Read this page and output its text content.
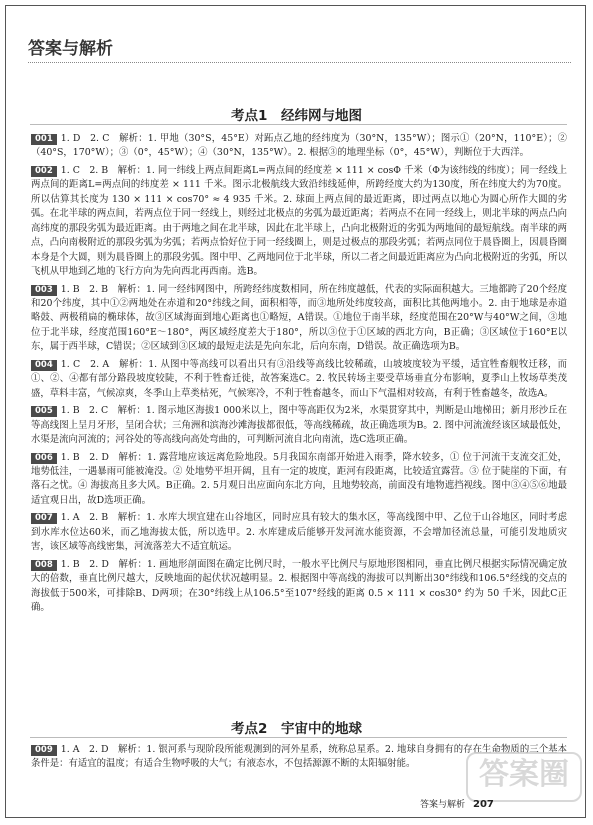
答案与解析
考点1　经纬网与地图

001 1. D　2. C　解析：1. 甲地（30°S，45°E）对跖点乙地的经纬度为（30°N，135°W）；图示①（20°N，110°E）；②（40°S，170°W）；③（0°，45°W）；④（30°N，135°W）。2. 根据③的地理坐标（0°，45°W），判断位于大西洋。

002 1. C　2. B　解析：1. 同一纬线上两点间距离L=两点间的经度差 × 111 × cosΦ 千米（Φ为该纬线的纬度）；同一经线上两点间的距离L=两点间的纬度差 × 111 千米。图示北极航线大致沿纬线延伸，所跨经度大约为130度，所在纬度大约为70度。所以估算其长度为 130 × 111 × cos70° ≈ 4 935 千米。2. 球面上两点间的最近距离，即过两点以地心为圆心所作大圆的劣弧。在北半球的两点间，若两点位于同一经线上，则经过北极点的劣弧为最近距离；若两点不在同一经线上，则北半球的两点凸向高纬度的那段劣弧为最近距离。由于两地之间在北半球，因此在北半球上，凸向北极附近的劣弧为两地间的最短航线。南半球的两点，凸向南极附近的那段劣弧为劣弧；若两点恰好位于同一经线圈上，则是过极点的那段劣弧；若两点同位于晨昏圈上，因晨昏圈本身是个大圆，则为晨昏圈上的那段劣弧。图中甲、乙两地同位于北半球，所以二者之间最近距离应为凸向北极附近的劣弧，所以飞机从甲地到乙地的飞行方向为先向西北再西南。选B。

003 1. B　2. B　解析：1. 同一经纬网图中，所跨经纬度数相同，所在纬度越低，代表的实际面积越大。三地都跨了20个经度和20个纬度，其中①②两地处在赤道和20°纬线之间，面积相等，而③地所处纬度较高，面积比其他两地小。2. 由于地球是赤道略鼓、两极稍扁的椭球体，故③区域海面到地心距离也①略短，A错误。①地位于南半球，经度范围在20°W与40°W之间，③地位于北半球，经度范围160°E～180°，两区域经度差大于180°，所以③位于①区域的西北方向，B正确；③区域位于160°E以东，属于西半球，C错误；②区域到③区域的最短走法是先向东北，后向东南，D错误。故正确选项为B。

004 1. C　2. A　解析：1. 从图中等高线可以看出只有③沿线等高线比较稀疏，山坡坡度较为平缓，适宜牲畜舰牧迁移，而①、②、④都有部分路段坡度较陡，不利于牲畜迁徙，故答案选C。2. 牧民转场主要受草场垂直分布影响，夏季山上牧场草类茂盛，草料丰富，气候凉爽，冬季山上草类枯死，气候寒冷，不利于牲畜越冬，而山下气温相对较高，有利于牲畜越冬，故选A。

005 1. B　2. C　解析：1. 图示地区海拔1 000米以上，图中等高距仅为2米，水渠贯穿其中，判断是山地梯田；新月形沙丘在等高线图上呈月牙形，呈闭合状；三角洲和滨海沙滩海拔都很低，等高线稀疏，故正确选项为B。2. 图中河流流经该区域最低处，水渠是流向河流的；河谷处的等高线向高处弯曲的，可判断河流自北向南流，选C选项正确。

006 1. B　2. D　解析：1. 露营地应该远离危险地段。5月我国东南部开始进入雨季，降水较多，① 位于河流干支流交汇处，地势低洼，一遇暴雨可能被淹没。② 处地势平坦开阔，且有一定的坡度，距河有段距离，比较适宜露营。③ 位于陡崖的下面，有落石之忧。④ 海拔高且多大风。B正确。2. 5月观日出应面向东北方向，且地势较高，前面没有地物遮挡视线。图中③④⑤⑥地最适宜观日出，故D选项正确。

007 1. A　2. B　解析：1. 水库大坝宜建在山谷地区，同时应具有较大的集水区，等高线图中甲、乙位于山谷地区，同时考虑到水库水位达60米，而乙地海拔太低，所以选甲。2. 水库建成后能够开发河流水能资源，不会增加径流总量，可能引发地质灾害，该区域等高线密集，河流落差大不适宜航运。

008 1. B　2. D　解析：1. 画地形剖面图在确定比例尺时，一般水平比例尺与原地形图相同，垂直比例尺根据实际情况确定放大的倍数，垂直比例尺越大，反映地面的起伏状况越明显。2. 根据图中等高线的海拔可以判断出30°纬线和106.5°经线的交点的海拔低于500米，可排除B、D两项；在30°纬线上从106.5°至107°经线的距离 0.5 × 111 × cos30° 约为 50 千米，因此C正确。

考点2　宇宙中的地球

009 1. A　2. D　解析：1. 银河系与现阶段所能观测到的河外星系，统称总星系。2. 地球自身拥有的存在生命物质的三个基本条件是：有适宜的温度；有适合生物呼吸的大气；有液态水，不包括源源不断的太阳辐射能。	答案圈
答案与解析 207
